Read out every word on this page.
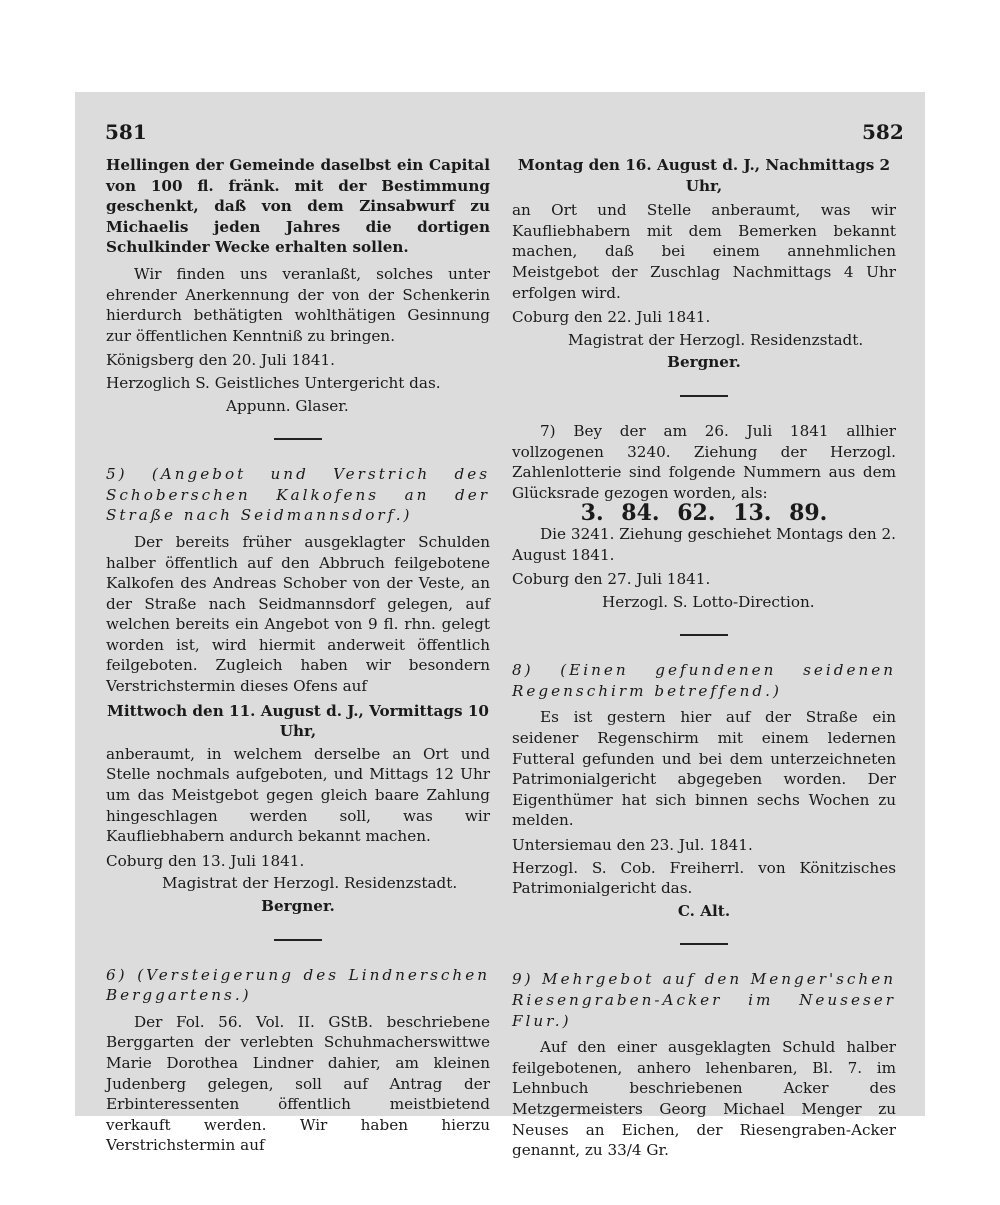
581	582

Hellingen der Gemeinde daselbst ein Capital von 100 fl. fränk. mit der Bestimmung geschenkt, daß von dem Zinsabwurf zu Michaelis jeden Jahres die dortigen Schulkinder Wecke erhalten sollen.

Wir finden uns veranlaßt, solches unter ehrender Anerkennung der von der Schenkerin hierdurch bethätigten wohlthätigen Gesinnung zur öffentlichen Kenntniß zu bringen.

Königsberg den 20. Juli 1841.

Herzoglich S. Geistliches Untergericht das.

Appunn. Glaser.

5) (Angebot und Verstrich des Schoberschen Kalkofens an der Straße nach Seidmannsdorf.)

Der bereits früher ausgeklagter Schulden halber öffentlich auf den Abbruch feilgebotene Kalkofen des Andreas Schober von der Veste, an der Straße nach Seidmannsdorf gelegen, auf welchen bereits ein Angebot von 9 fl. rhn. gelegt worden ist, wird hiermit anderweit öffentlich feilgeboten. Zugleich haben wir besondern Verstrichstermin dieses Ofens auf

Mittwoch den 11. August d. J., Vormittags 10 Uhr,

anberaumt, in welchem derselbe an Ort und Stelle nochmals aufgeboten, und Mittags 12 Uhr um das Meistgebot gegen gleich baare Zahlung hingeschlagen werden soll, was wir Kaufliebhabern andurch bekannt machen.

Coburg den 13. Juli 1841.

Magistrat der Herzogl. Residenzstadt.

Bergner.

6) (Versteigerung des Lindnerschen Berggartens.)

Der Fol. 56. Vol. II. GStB. beschriebene Berggarten der verlebten Schuhmacherswittwe Marie Dorothea Lindner dahier, am kleinen Judenberg gelegen, soll auf Antrag der Erbinteressenten öffentlich meistbietend verkauft werden. Wir haben hierzu Verstrichstermin auf

Montag den 16. August d. J., Nachmittags 2 Uhr,

an Ort und Stelle anberaumt, was wir Kaufliebhabern mit dem Bemerken bekannt machen, daß bei einem annehmlichen Meistgebot der Zuschlag Nachmittags 4 Uhr erfolgen wird.

Coburg den 22. Juli 1841.

Magistrat der Herzogl. Residenzstadt.

Bergner.

7) Bey der am 26. Juli 1841 allhier vollzogenen 3240. Ziehung der Herzogl. Zahlenlotterie sind folgende Nummern aus dem Glücksrade gezogen worden, als:

3. 84. 62. 13. 89.

Die 3241. Ziehung geschiehet Montags den 2. August 1841.

Coburg den 27. Juli 1841.

Herzogl. S. Lotto-Direction.

8) (Einen gefundenen seidenen Regenschirm betreffend.)

Es ist gestern hier auf der Straße ein seidener Regenschirm mit einem ledernen Futteral gefunden und bei dem unterzeichneten Patrimonialgericht abgegeben worden. Der Eigenthümer hat sich binnen sechs Wochen zu melden.

Untersiemau den 23. Jul. 1841.

Herzogl. S. Cob. Freiherrl. von Könitzisches Patrimonialgericht das.

C. Alt.

9) Mehrgebot auf den Menger'schen Riesengraben-Acker im Neuseser Flur.)

Auf den einer ausgeklagten Schuld halber feilgebotenen, anhero lehenbaren, Bl. 7. im Lehnbuch beschriebenen Acker des Metzgermeisters Georg Michael Menger zu Neuses an Eichen, der Riesengraben-Acker genannt, zu 33/4 Gr.
